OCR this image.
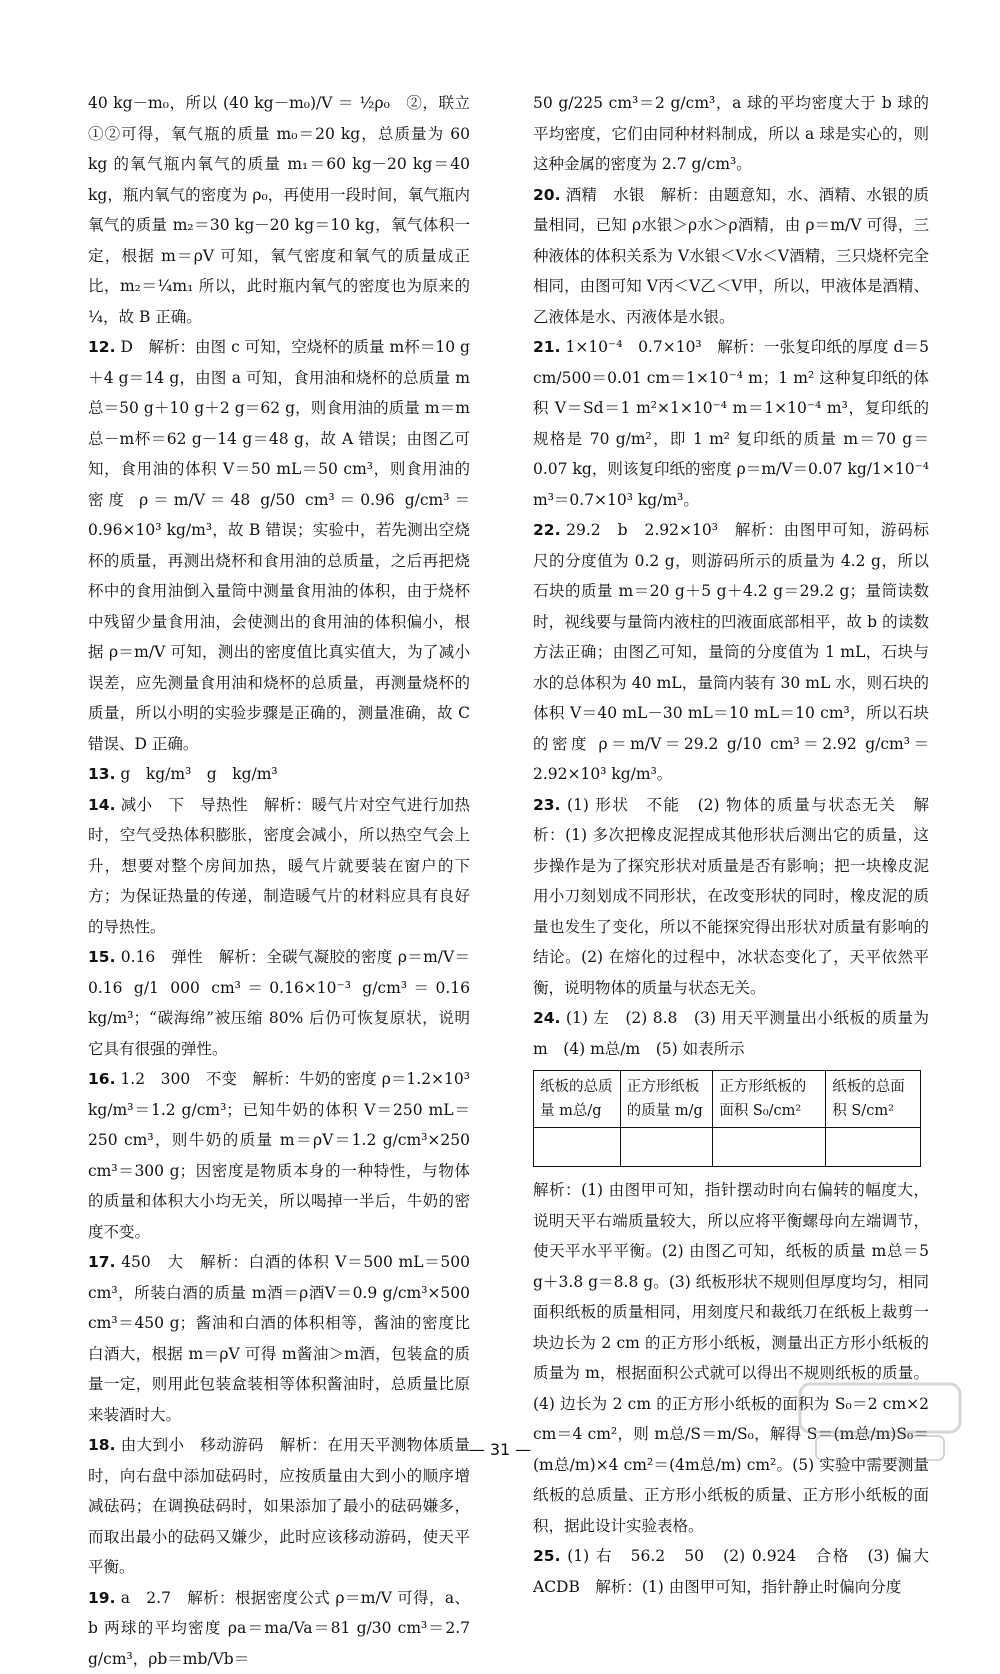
40 kg－m₀，所以 (40 kg－m₀)/V ＝ ½ρ₀　②，联立①②可得，氧气瓶的质量 m₀＝20 kg，总质量为 60 kg 的氧气瓶内氧气的质量 m₁＝60 kg－20 kg＝40 kg，瓶内氧气的密度为 ρ₀，再使用一段时间，氧气瓶内氧气的质量 m₂＝30 kg－20 kg＝10 kg，氧气体积一定，根据 m＝ρV 可知，氧气密度和氧气的质量成正比，m₂＝¼m₁ 所以，此时瓶内氧气的密度也为原来的 ¼，故 B 正确。

12. D　解析：由图 c 可知，空烧杯的质量 m杯＝10 g＋4 g＝14 g，由图 a 可知，食用油和烧杯的总质量 m总＝50 g＋10 g＋2 g＝62 g，则食用油的质量 m＝m总－m杯＝62 g－14 g＝48 g，故 A 错误；由图乙可知，食用油的体积 V＝50 mL＝50 cm³，则食用油的密度 ρ＝m/V＝48 g/50 cm³＝0.96 g/cm³＝0.96×10³ kg/m³，故 B 错误；实验中，若先测出空烧杯的质量，再测出烧杯和食用油的总质量，之后再把烧杯中的食用油倒入量筒中测量食用油的体积，由于烧杯中残留少量食用油，会使测出的食用油的体积偏小，根据 ρ＝m/V 可知，测出的密度值比真实值大，为了减小误差，应先测量食用油和烧杯的总质量，再测量烧杯的质量，所以小明的实验步骤是正确的，测量准确，故 C 错误、D 正确。

13. g　kg/m³　g　kg/m³

14. 减小　下　导热性　解析：暖气片对空气进行加热时，空气受热体积膨胀，密度会减小，所以热空气会上升，想要对整个房间加热，暖气片就要装在窗户的下方；为保证热量的传递，制造暖气片的材料应具有良好的导热性。

15. 0.16　弹性　解析：全碳气凝胶的密度 ρ＝m/V＝0.16 g/1 000 cm³＝0.16×10⁻³ g/cm³＝0.16 kg/m³；“碳海绵”被压缩 80% 后仍可恢复原状，说明它具有很强的弹性。

16. 1.2　300　不变　解析：牛奶的密度 ρ＝1.2×10³ kg/m³＝1.2 g/cm³；已知牛奶的体积 V＝250 mL＝250 cm³，则牛奶的质量 m＝ρV＝1.2 g/cm³×250 cm³＝300 g；因密度是物质本身的一种特性，与物体的质量和体积大小均无关，所以喝掉一半后，牛奶的密度不变。

17. 450　大　解析：白酒的体积 V＝500 mL＝500 cm³，所装白酒的质量 m酒＝ρ酒V＝0.9 g/cm³×500 cm³＝450 g；酱油和白酒的体积相等，酱油的密度比白酒大，根据 m＝ρV 可得 m酱油＞m酒，包装盒的质量一定，则用此包装盒装相等体积酱油时，总质量比原来装酒时大。

18. 由大到小　移动游码　解析：在用天平测物体质量时，向右盘中添加砝码时，应按质量由大到小的顺序增减砝码；在调换砝码时，如果添加了最小的砝码嫌多，而取出最小的砝码又嫌少，此时应该移动游码，使天平平衡。

19. a　2.7　解析：根据密度公式 ρ＝m/V 可得，a、b 两球的平均密度 ρa＝ma/Va＝81 g/30 cm³＝2.7 g/cm³，ρb＝mb/Vb＝

50 g/225 cm³＝2 g/cm³，a 球的平均密度大于 b 球的平均密度，它们由同种材料制成，所以 a 球是实心的，则这种金属的密度为 2.7 g/cm³。

20. 酒精　水银　解析：由题意知，水、酒精、水银的质量相同，已知 ρ水银＞ρ水＞ρ酒精，由 ρ＝m/V 可得，三种液体的体积关系为 V水银＜V水＜V酒精，三只烧杯完全相同，由图可知 V丙＜V乙＜V甲，所以，甲液体是酒精、乙液体是水、丙液体是水银。

21. 1×10⁻⁴　0.7×10³　解析：一张复印纸的厚度 d＝5 cm/500＝0.01 cm＝1×10⁻⁴ m；1 m² 这种复印纸的体积 V＝Sd＝1 m²×1×10⁻⁴ m＝1×10⁻⁴ m³，复印纸的规格是 70 g/m²，即 1 m² 复印纸的质量 m＝70 g＝0.07 kg，则该复印纸的密度 ρ＝m/V＝0.07 kg/1×10⁻⁴ m³＝0.7×10³ kg/m³。

22. 29.2　b　2.92×10³　解析：由图甲可知，游码标尺的分度值为 0.2 g，则游码所示的质量为 4.2 g，所以石块的质量 m＝20 g＋5 g＋4.2 g＝29.2 g；量筒读数时，视线要与量筒内液柱的凹液面底部相平，故 b 的读数方法正确；由图乙可知，量筒的分度值为 1 mL，石块与水的总体积为 40 mL，量筒内装有 30 mL 水，则石块的体积 V＝40 mL－30 mL＝10 mL＝10 cm³，所以石块的密度 ρ＝m/V＝29.2 g/10 cm³＝2.92 g/cm³＝2.92×10³ kg/m³。

23. (1) 形状　不能　(2) 物体的质量与状态无关　解析：(1) 多次把橡皮泥捏成其他形状后测出它的质量，这步操作是为了探究形状对质量是否有影响；把一块橡皮泥用小刀刻划成不同形状，在改变形状的同时，橡皮泥的质量也发生了变化，所以不能探究得出形状对质量有影响的结论。(2) 在熔化的过程中，冰状态变化了，天平依然平衡，说明物体的质量与状态无关。

24. (1) 左　(2) 8.8　(3) 用天平测量出小纸板的质量为 m　(4) m总/m　(5) 如表所示

纸板的总质量 m总/g	正方形纸板的质量 m/g	正方形纸板的面积 S₀/cm²	纸板的总面积 S/cm²

解析：(1) 由图甲可知，指针摆动时向右偏转的幅度大，说明天平右端质量较大，所以应将平衡螺母向左端调节，使天平水平平衡。(2) 由图乙可知，纸板的质量 m总＝5 g＋3.8 g＝8.8 g。(3) 纸板形状不规则但厚度均匀，相同面积纸板的质量相同，用刻度尺和裁纸刀在纸板上裁剪一块边长为 2 cm 的正方形小纸板，测量出正方形小纸板的质量为 m，根据面积公式就可以得出不规则纸板的质量。(4) 边长为 2 cm 的正方形小纸板的面积为 S₀＝2 cm×2 cm＝4 cm²，则 m总/S＝m/S₀，解得 S＝(m总/m)S₀＝(m总/m)×4 cm²＝(4m总/m) cm²。(5) 实验中需要测量纸板的总质量、正方形小纸板的质量、正方形小纸板的面积，据此设计实验表格。

25. (1) 右　56.2　50　(2) 0.924　合格　(3) 偏大　ACDB　解析：(1) 由图甲可知，指针静止时偏向分度

— 31 —
